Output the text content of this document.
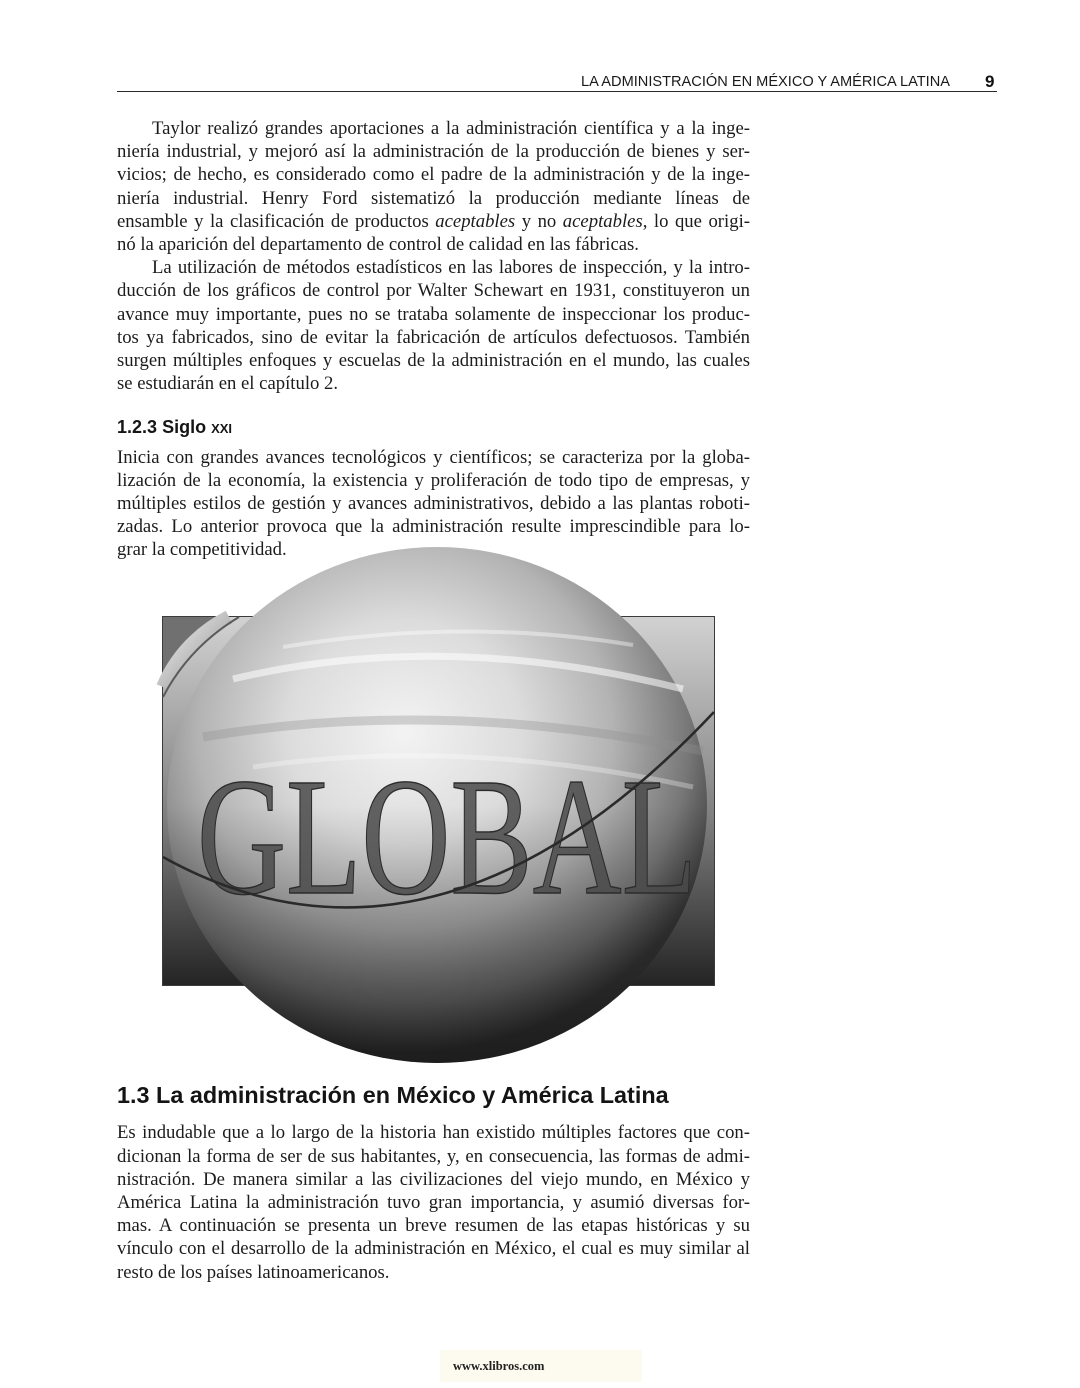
LA ADMINISTRACIÓN EN MÉXICO Y AMÉRICA LATINA 9
Taylor realizó grandes aportaciones a la administración científica y a la inge-
niería industrial, y mejoró así la administración de la producción de bienes y ser-
vicios; de hecho, es considerado como el padre de la administración y de la inge-
niería industrial. Henry Ford sistematizó la producción mediante líneas de
ensamble y la clasificación de productos aceptables y no aceptables, lo que origi-
nó la aparición del departamento de control de calidad en las fábricas.
La utilización de métodos estadísticos en las labores de inspección, y la intro-
ducción de los gráficos de control por Walter Schewart en 1931, constituyeron un
avance muy importante, pues no se trataba solamente de inspeccionar los produc-
tos ya fabricados, sino de evitar la fabricación de artículos defectuosos. También
surgen múltiples enfoques y escuelas de la administración en el mundo, las cuales
se estudiarán en el capítulo 2.
1.2.3 Siglo XXI
Inicia con grandes avances tecnológicos y científicos; se caracteriza por la globa-
lización de la economía, la existencia y proliferación de todo tipo de empresas, y
múltiples estilos de gestión y avances administrativos, debido a las plantas roboti-
zadas. Lo anterior provoca que la administración resulte imprescindible para lo-
grar la competitividad.
GLOBAL
1.3 La administración en México y América Latina
Es indudable que a lo largo de la historia han existido múltiples factores que con-
dicionan la forma de ser de sus habitantes, y, en consecuencia, las formas de admi-
nistración. De manera similar a las civilizaciones del viejo mundo, en México y
América Latina la administración tuvo gran importancia, y asumió diversas for-
mas. A continuación se presenta un breve resumen de las etapas históricas y su
vínculo con el desarrollo de la administración en México, el cual es muy similar al
resto de los países latinoamericanos.
www.xlibros.com
